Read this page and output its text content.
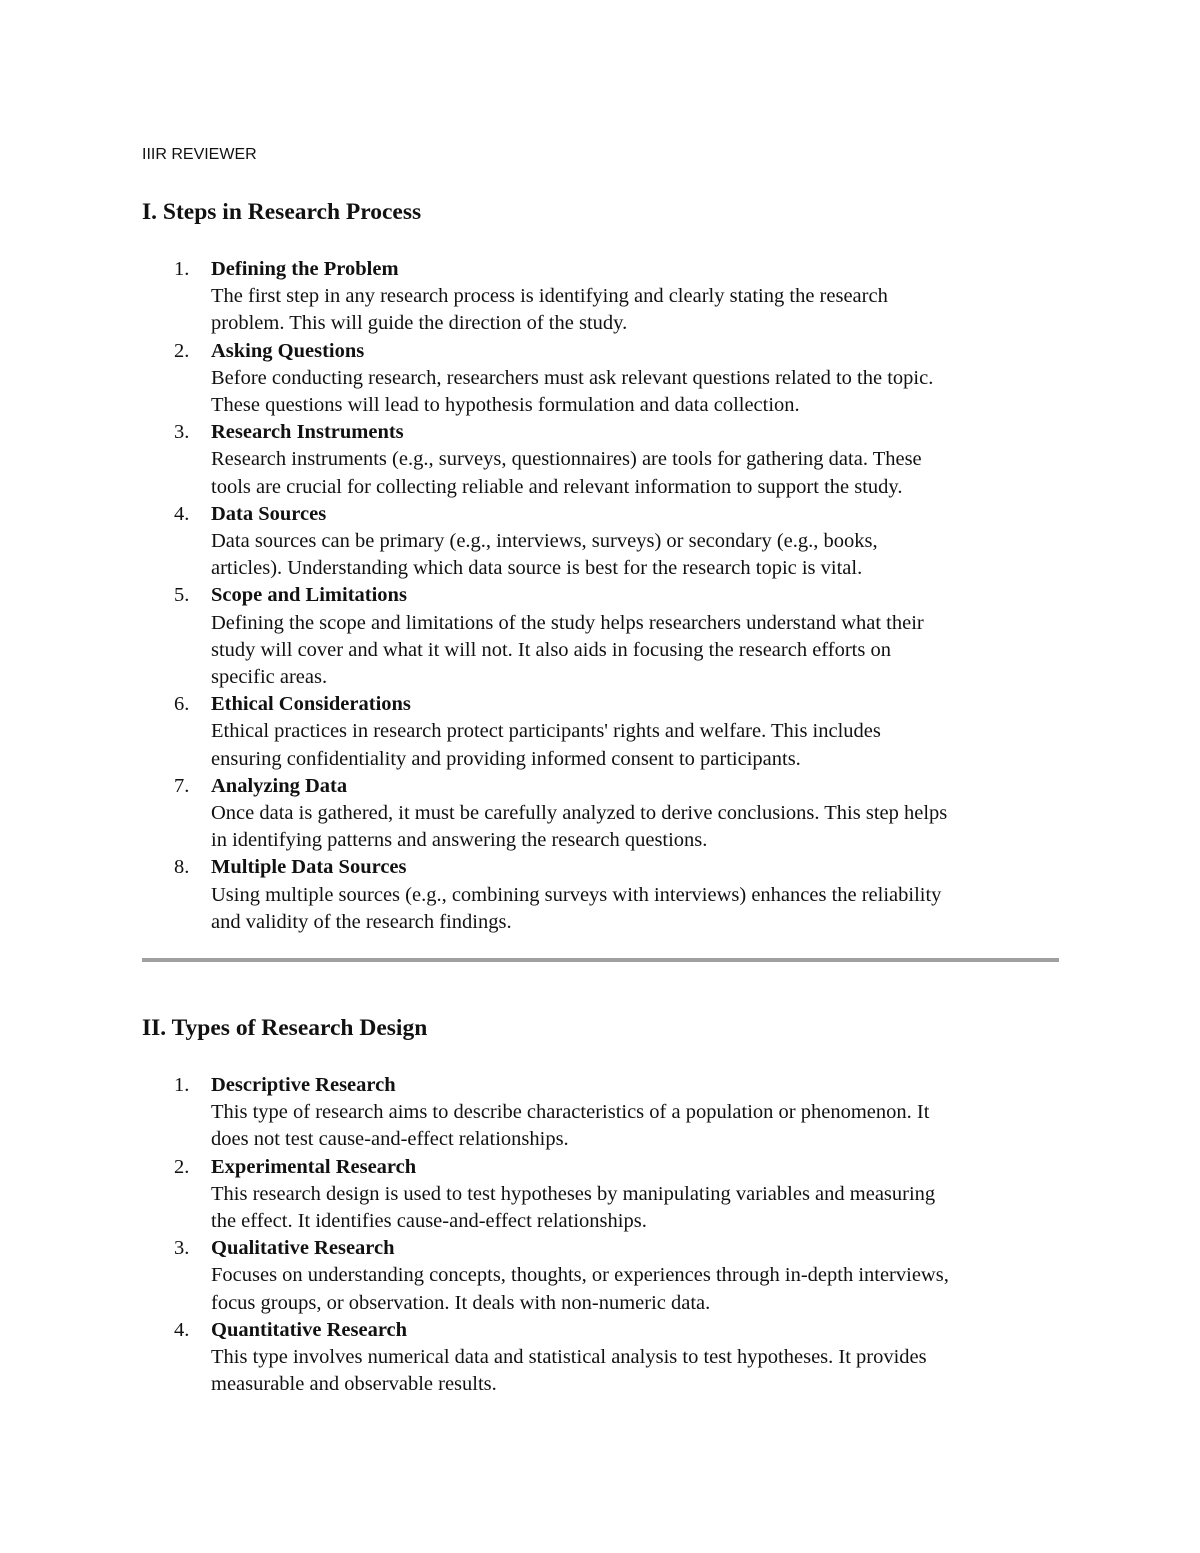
IIIR REVIEWER
I. Steps in Research Process
1.	Defining the Problem
The first step in any research process is identifying and clearly stating the research
problem. This will guide the direction of the study.
2.	Asking Questions
Before conducting research, researchers must ask relevant questions related to the topic.
These questions will lead to hypothesis formulation and data collection.
3.	Research Instruments
Research instruments (e.g., surveys, questionnaires) are tools for gathering data. These
tools are crucial for collecting reliable and relevant information to support the study.
4.	Data Sources
Data sources can be primary (e.g., interviews, surveys) or secondary (e.g., books,
articles). Understanding which data source is best for the research topic is vital.
5.	Scope and Limitations
Defining the scope and limitations of the study helps researchers understand what their
study will cover and what it will not. It also aids in focusing the research efforts on
specific areas.
6.	Ethical Considerations
Ethical practices in research protect participants' rights and welfare. This includes
ensuring confidentiality and providing informed consent to participants.
7.	Analyzing Data
Once data is gathered, it must be carefully analyzed to derive conclusions. This step helps
in identifying patterns and answering the research questions.
8.	Multiple Data Sources
Using multiple sources (e.g., combining surveys with interviews) enhances the reliability
and validity of the research findings.
II. Types of Research Design
1.	Descriptive Research
This type of research aims to describe characteristics of a population or phenomenon. It
does not test cause-and-effect relationships.
2.	Experimental Research
This research design is used to test hypotheses by manipulating variables and measuring
the effect. It identifies cause-and-effect relationships.
3.	Qualitative Research
Focuses on understanding concepts, thoughts, or experiences through in-depth interviews,
focus groups, or observation. It deals with non-numeric data.
4.	Quantitative Research
This type involves numerical data and statistical analysis to test hypotheses. It provides
measurable and observable results.
